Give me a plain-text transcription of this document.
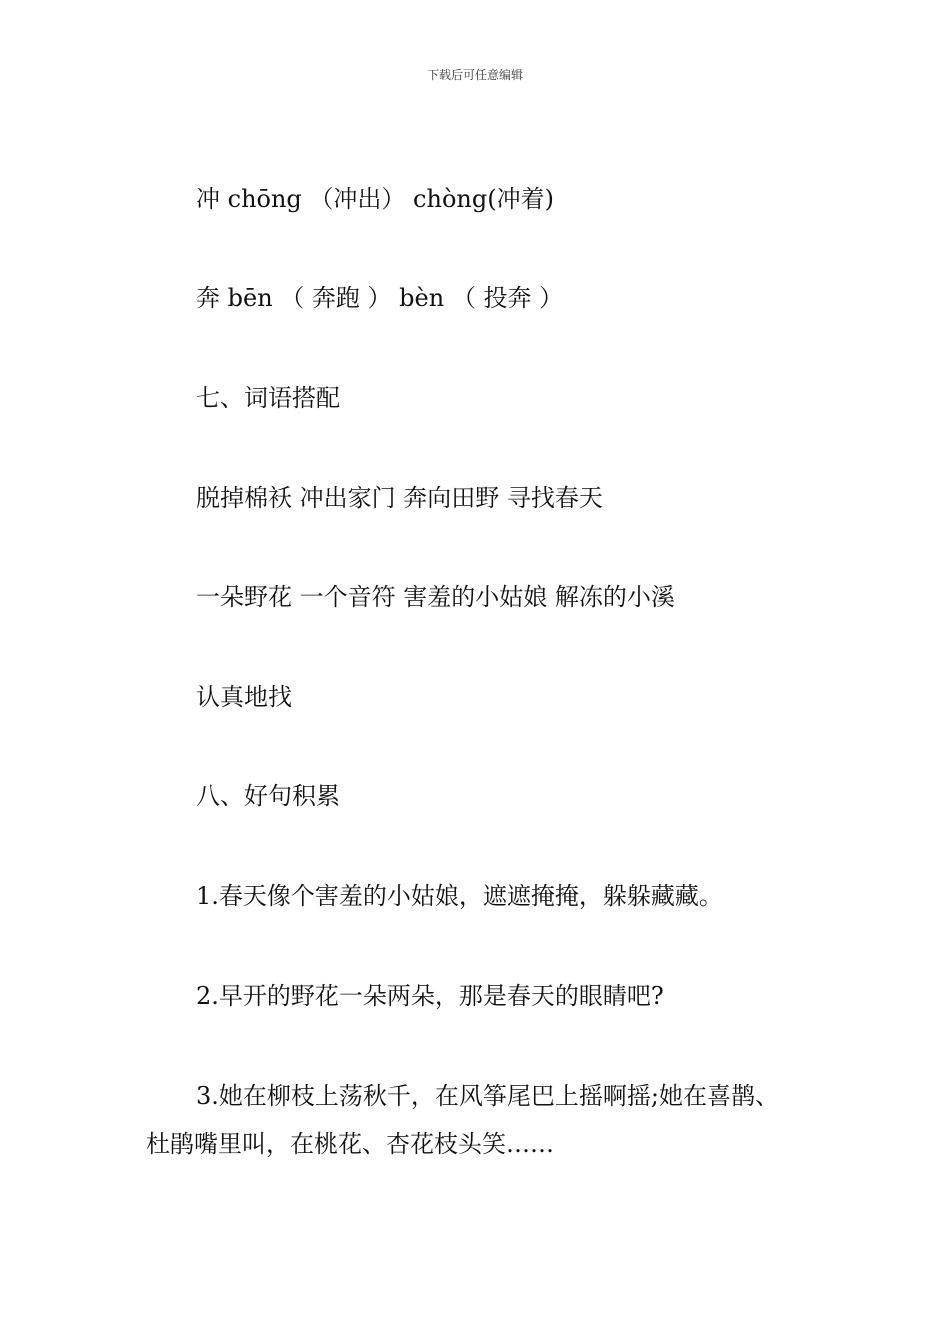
下载后可任意编辑
冲 chōng （冲出） chòng(冲着)
奔 bēn （ 奔跑 ） bèn （ 投奔 ）
七、词语搭配
脱掉棉袄 冲出家门 奔向田野 寻找春天
一朵野花 一个音符 害羞的小姑娘 解冻的小溪
认真地找
八、好句积累
1.春天像个害羞的小姑娘，遮遮掩掩，躲躲藏藏。
2.早开的野花一朵两朵，那是春天的眼睛吧?
3.她在柳枝上荡秋千，在风筝尾巴上摇啊摇;她在喜鹊、
杜鹃嘴里叫，在桃花、杏花枝头笑……
